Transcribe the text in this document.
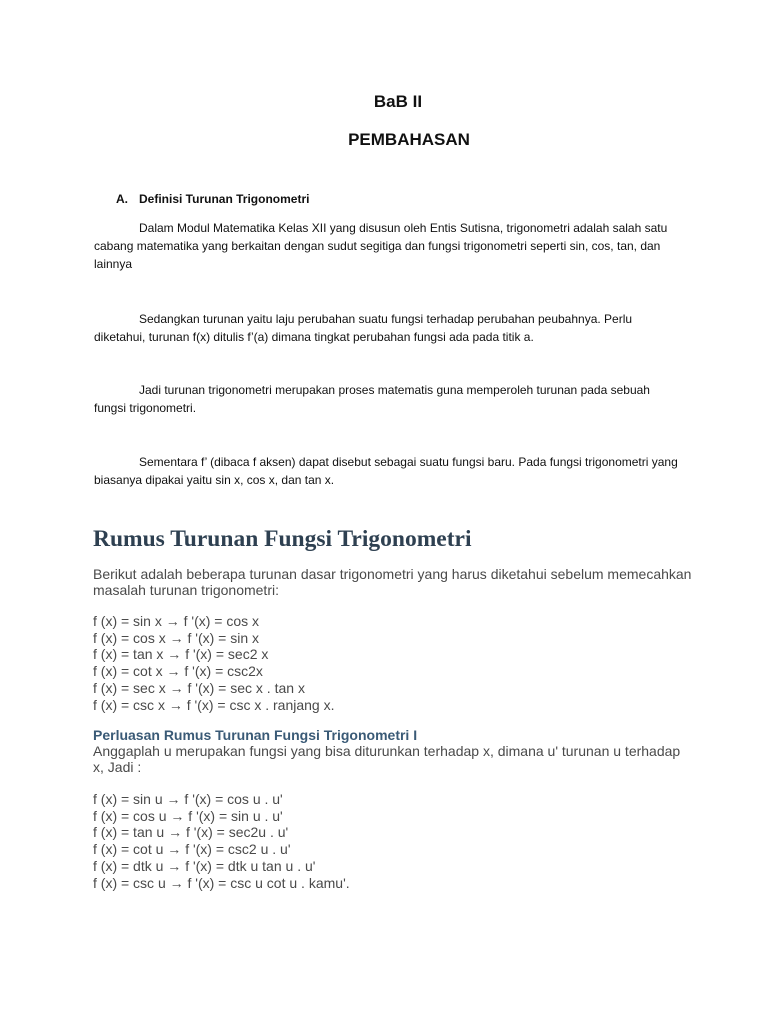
BaB II
PEMBAHASAN
A. Definisi Turunan Trigonometri

Dalam Modul Matematika Kelas XII yang disusun oleh Entis Sutisna, trigonometri adalah salah satu cabang matematika yang berkaitan dengan sudut segitiga dan fungsi trigonometri seperti sin, cos, tan, dan lainnya

Sedangkan turunan yaitu laju perubahan suatu fungsi terhadap perubahan peubahnya. Perlu diketahui, turunan f(x) ditulis f’(a) dimana tingkat perubahan fungsi ada pada titik a.

Jadi turunan trigonometri merupakan proses matematis guna memperoleh turunan pada sebuah fungsi trigonometri.

Sementara f’ (dibaca f aksen) dapat disebut sebagai suatu fungsi baru. Pada fungsi trigonometri yang biasanya dipakai yaitu sin x, cos x, dan tan x.

Rumus Turunan Fungsi Trigonometri

Berikut adalah beberapa turunan dasar trigonometri yang harus diketahui sebelum memecahkan masalah turunan trigonometri:

f (x) = sin x → f '(x) = cos x
f (x) = cos x → f '(x) = sin x
f (x) = tan x → f '(x) = sec2 x
f (x) = cot x → f '(x) = csc2x
f (x) = sec x → f '(x) = sec x . tan x
f (x) = csc x → f '(x) = csc x . ranjang x.
Perluasan Rumus Turunan Fungsi Trigonometri I

Anggaplah u merupakan fungsi yang bisa diturunkan terhadap x, dimana u' turunan u terhadap x, Jadi :

f (x) = sin u → f '(x) = cos u . u'
f (x) = cos u → f '(x) = sin u . u'
f (x) = tan u → f '(x) = sec2u . u'
f (x) = cot u → f '(x) = csc2 u . u'
f (x) = dtk u → f '(x) = dtk u tan u . u'
f (x) = csc u → f '(x) = csc u cot u . kamu'.
